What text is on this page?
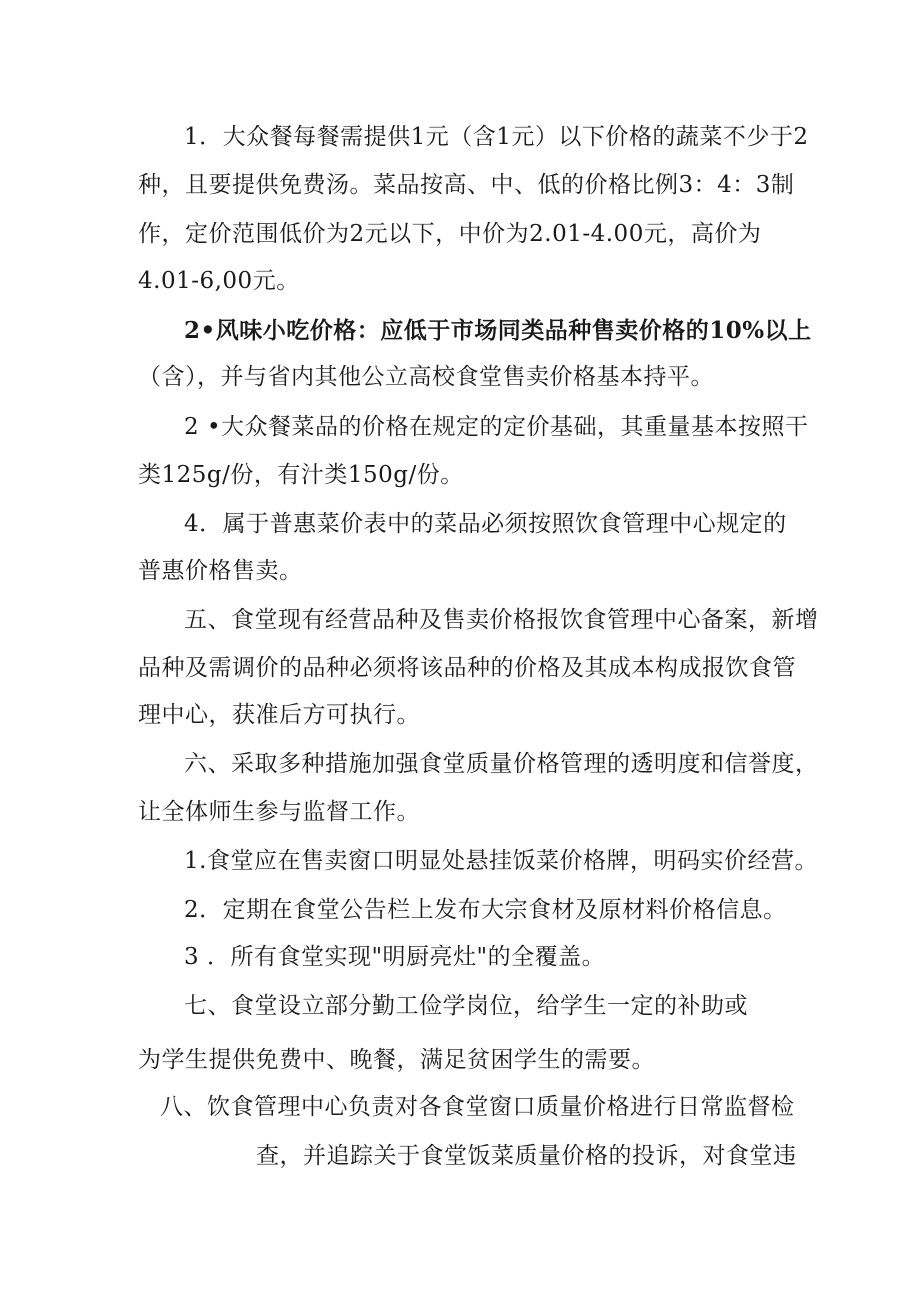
1．大众餐每餐需提供1元（含1元）以下价格的蔬菜不少于2
种，且要提供免费汤。菜品按高、中、低的价格比例3：4：3制
作，定价范围低价为2元以下，中价为2.01-4.00元，高价为
4.01-6,00元。
2•风味小吃价格：应低于市场同类品种售卖价格的10%以上
（含），并与省内其他公立高校食堂售卖价格基本持平。
2 •大众餐菜品的价格在规定的定价基础，其重量基本按照干
类125g/份，有汁类150g/份。
4．属于普惠菜价表中的菜品必须按照饮食管理中心规定的
普惠价格售卖。
五、食堂现有经营品种及售卖价格报饮食管理中心备案，新增
品种及需调价的品种必须将该品种的价格及其成本构成报饮食管
理中心，获准后方可执行。
六、采取多种措施加强食堂质量价格管理的透明度和信誉度，
让全体师生参与监督工作。
1.食堂应在售卖窗口明显处悬挂饭菜价格牌，明码实价经营。
2．定期在食堂公告栏上发布大宗食材及原材料价格信息。
3 ．所有食堂实现"明厨亮灶"的全覆盖。
七、食堂设立部分勤工俭学岗位，给学生一定的补助或
为学生提供免费中、晚餐，满足贫困学生的需要。
八、饮食管理中心负责对各食堂窗口质量价格进行日常监督检
查，并追踪关于食堂饭菜质量价格的投诉，对食堂违
